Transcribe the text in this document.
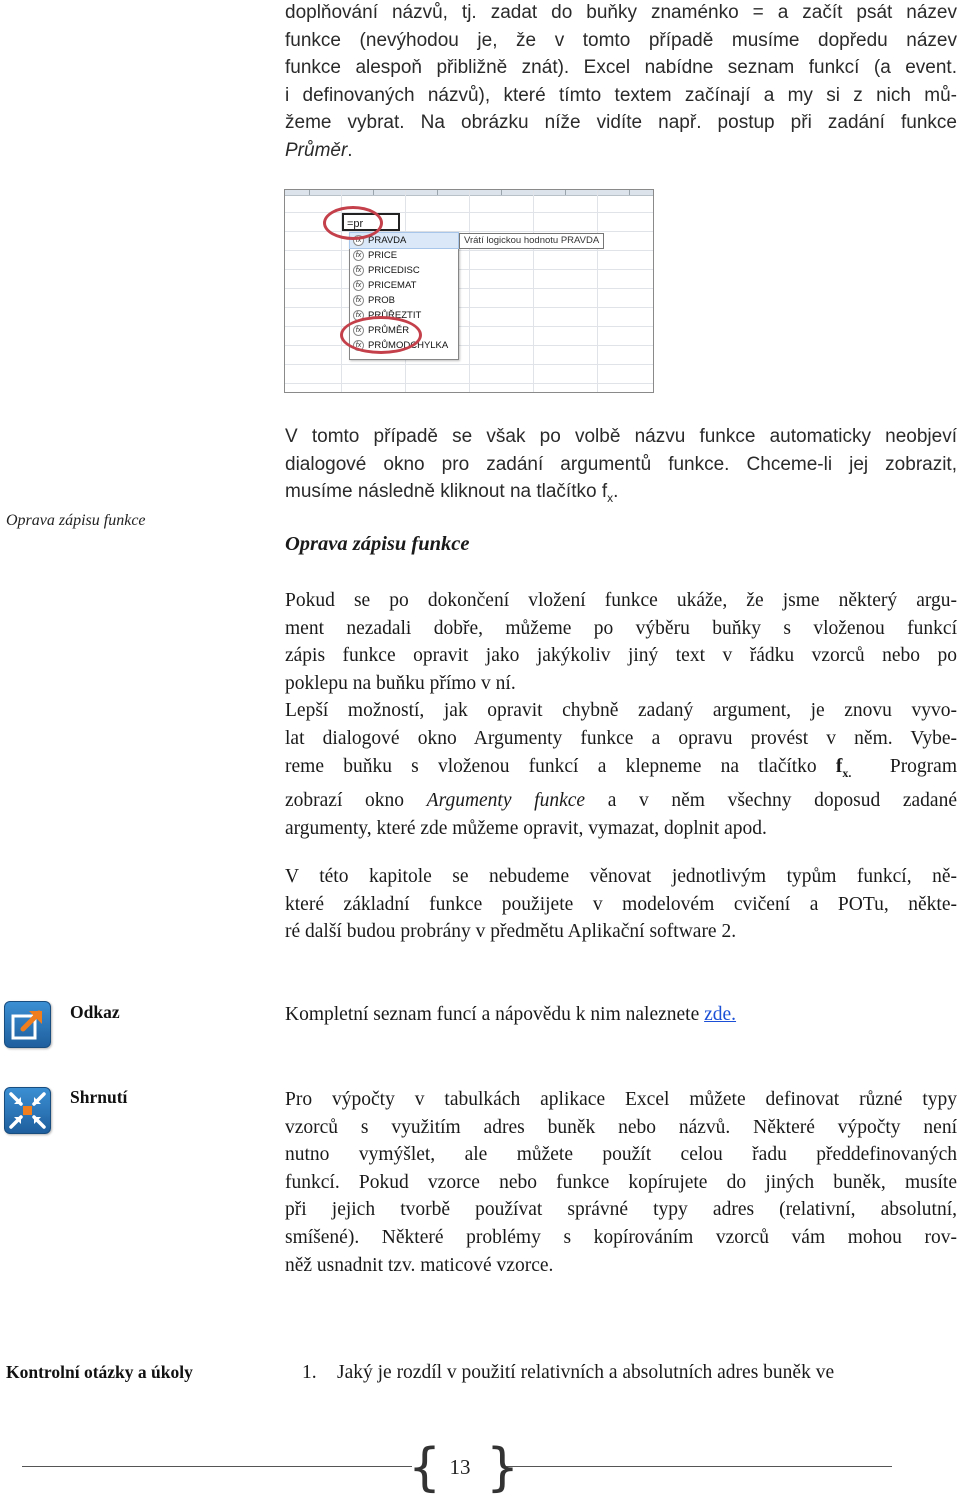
doplňování názvů, tj. zadat do buňky znaménko = a začít psát název
funkce (nevýhodou je, že v tomto případě musíme dopředu název
funkce alespoň přibližně znát). Excel nabídne seznam funkcí (a event.
i definovaných názvů), které tímto textem začínají a my si z nich mů-
žeme vybrat. Na obrázku níže vidíte např. postup při zadání funkce
Průměr.
=pr
fx PRAVDA
fx PRICE
fx PRICEDISC
fx PRICEMAT
fx PROB
fx PRŮŘEZTIT
fx PRŮMĚR
fx PRŮMODCHYLKA
Vrátí logickou hodnotu PRAVDA
V tomto případě se však po volbě názvu funkce automaticky neobjeví
dialogové okno pro zadání argumentů funkce. Chceme-li jej zobrazit,
musíme následně kliknout na tlačítko $f_x$.
Oprava zápisu funkce
Oprava zápisu funkce
Pokud se po dokončení vložení funkce ukáže, že jsme některý argu-
ment nezadali dobře, můžeme po výběru buňky s vloženou funkcí
zápis funkce opravit jako jakýkoliv jiný text v řádku vzorců nebo po
poklepu na buňku přímo v ní.
Lepší možností, jak opravit chybně zadaný argument, je znovu vyvo-
lat dialogové okno Argumenty funkce a opravu provést v něm. Vybe-
reme buňku s vloženou funkcí a klepneme na tlačítko $f_{x.}$ Program
zobrazí okno Argumenty funkce a v něm všechny doposud zadané
argumenty, které zde můžeme opravit, vymazat, doplnit apod.
V této kapitole se nebudeme věnovat jednotlivým typům funkcí, ně-
které základní funkce použijete v modelovém cvičení a POTu, někte-
ré další budou probrány v předmětu Aplikační software 2.
Odkaz	Kompletní seznam funcí a nápovědu k nim naleznete zde.
Shrnutí	Pro výpočty v tabulkách aplikace Excel můžete definovat různé typy
vzorců s využitím adres buněk nebo názvů. Některé výpočty není
nutno vymýšlet, ale můžete použít celou řadu předdefinovaných
funkcí. Pokud vzorce nebo funkce kopírujete do jiných buněk, musíte
při jejich tvorbě používat správné typy adres (relativní, absolutní,
smíšené). Některé problémy s kopírováním vzorců vám mohou rov-
něž usnadnit tzv. maticové vzorce.
Kontrolní otázky a úkoly	1. Jaký je rozdíl v použití relativních a absolutních adres buněk ve
{ }
13
